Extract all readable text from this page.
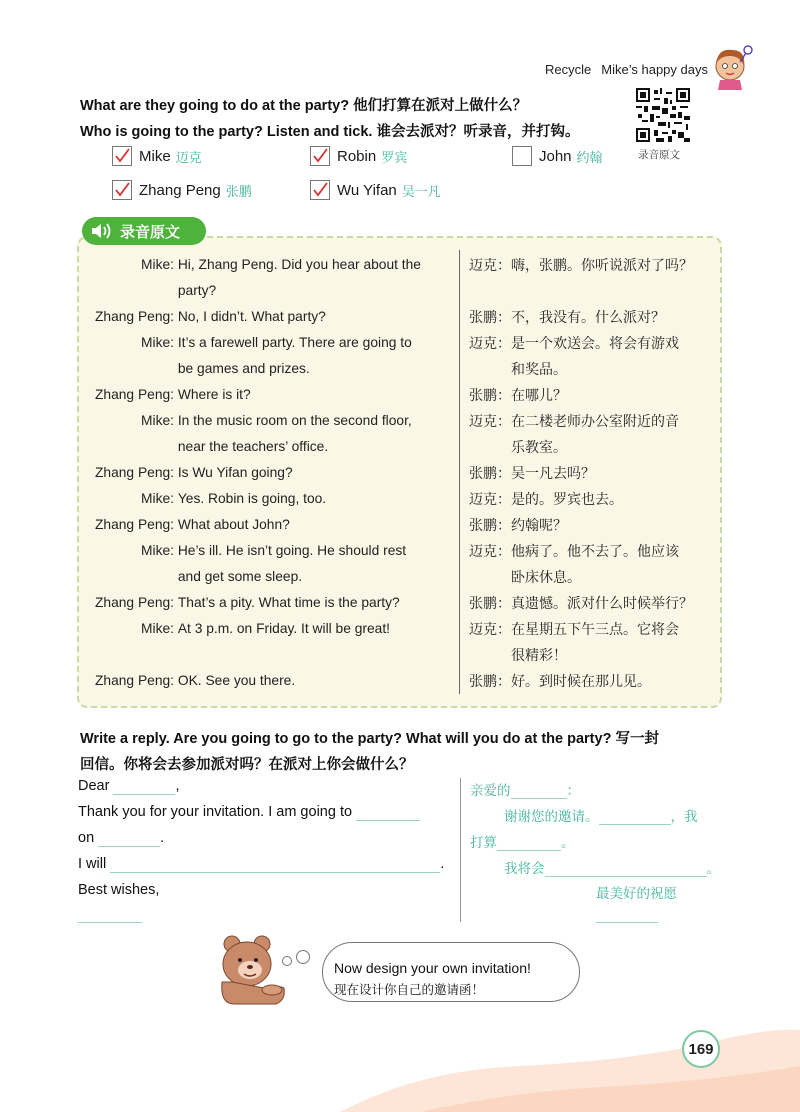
Recycle Mike’s happy days
What are they going to do at the party? 他们打算在派对上做什么？
Who is going to the party? Listen and tick. 谁会去派对？听录音，并打钩。
录音原文
Mike 迈克	Robin 罗宾	John 约翰
Zhang Peng 张鹏	Wu Yifan 吴一凡
录音原文
Mike: Hi, Zhang Peng. Did you hear about the
party?
Zhang Peng: No, I didn’t. What party?
Mike: It’s a farewell party. There are going to
be games and prizes.
Zhang Peng: Where is it?
Mike: In the music room on the second floor,
near the teachers’ office.
Zhang Peng: Is Wu Yifan going?
Mike: Yes. Robin is going, too.
Zhang Peng: What about John?
Mike: He’s ill. He isn’t going. He should rest
and get some sleep.
Zhang Peng: That’s a pity. What time is the party?
Mike: At 3 p.m. on Friday. It will be great!

Zhang Peng: OK. See you there.
迈克：嗨，张鹏。你听说派对了吗？

张鹏：不，我没有。什么派对？
迈克：是一个欢送会。将会有游戏
和奖品。
张鹏：在哪儿？
迈克：在二楼老师办公室附近的音
乐教室。
张鹏：吴一凡去吗？
迈克：是的。罗宾也去。
张鹏：约翰呢？
迈克：他病了。他不去了。他应该
卧床休息。
张鹏：真遗憾。派对什么时候举行？
迈克：在星期五下午三点。它将会
很精彩！
张鹏：好。到时候在那儿见。
Write a reply. Are you going to go to the party? What will you do at the party? 写一封
回信。你将会去参加派对吗？在派对上你会做什么？
Dear	,
Thank you for your invitation. I am going to
on	.
I will	.
Best wishes,
亲爱的	：
谢谢您的邀请。	，我
打算	。
我将会	。
最美好的祝愿
Now design your own invitation!
现在设计你自己的邀请函！
169
